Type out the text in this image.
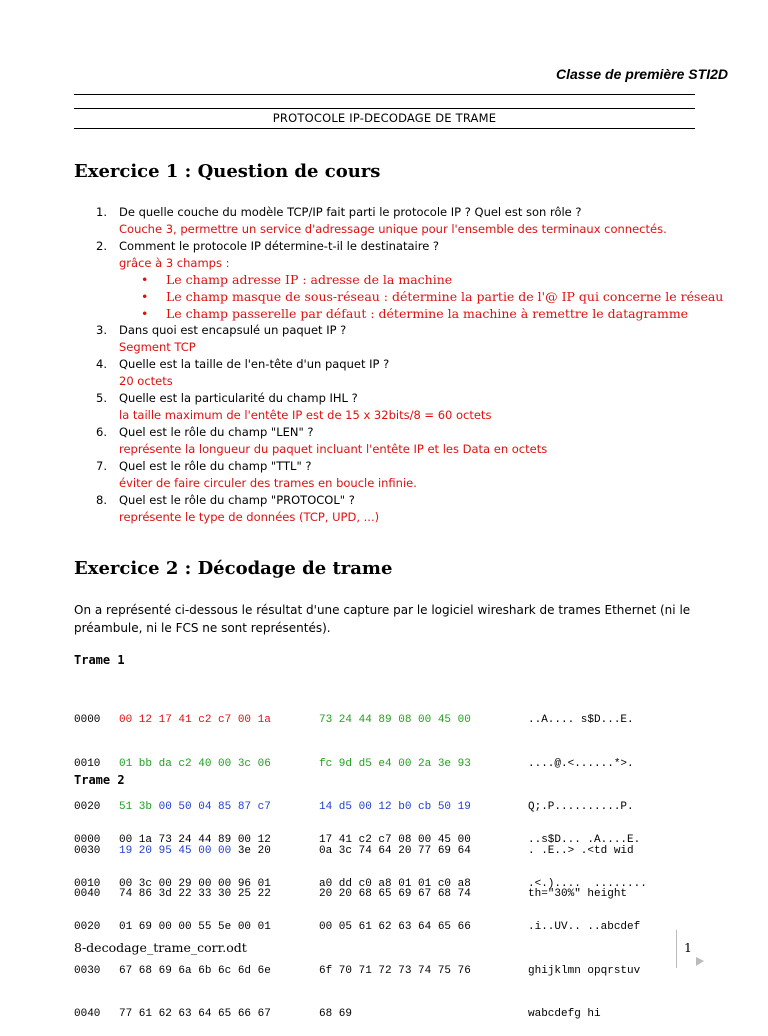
Classe de première STI2D
PROTOCOLE IP-DECODAGE DE TRAME
Exercice 1 : Question de cours
1. De quelle couche du modèle TCP/IP fait parti le protocole IP ? Quel est son rôle ?
Couche 3, permettre un service d'adressage unique pour l'ensemble des terminaux connectés.
2. Comment le protocole IP détermine-t-il le destinataire ?
grâce à 3 champs :
• Le champ adresse IP : adresse de la machine
• Le champ masque de sous-réseau : détermine la partie de l'@ IP qui concerne le réseau
• Le champ passerelle par défaut : détermine la machine à remettre le datagramme
3. Dans quoi est encapsulé un paquet IP ?
Segment TCP
4. Quelle est la taille de l'en-tête d'un paquet IP ?
20 octets
5. Quelle est la particularité du champ IHL ?
la taille maximum de l'entête IP est de 15 x 32bits/8 = 60 octets
6. Quel est le rôle du champ "LEN" ?
représente la longueur du paquet incluant l'entête IP et les Data en octets
7. Quel est le rôle du champ "TTL" ?
éviter de faire circuler des trames en boucle infinie.
8. Quel est le rôle du champ "PROTOCOL" ?
représente le type de données (TCP, UPD, ...)
Exercice 2 : Décodage de trame
On a représenté ci-dessous le résultat d'une capture par le logiciel wireshark de trames Ethernet (ni le préambule, ni le FCS ne sont représentés).
Trame 1

0000	00 12 17 41 c2 c7 00 1a	73 24 44 89 08 00 45 00	..A.... s$D...E.

0010	01 bb da c2 40 00 3c 06	fc 9d d5 e4 00 2a 3e 93	....@.<......*>.

0020	51 3b 00 50 04 85 87 c7	14 d5 00 12 b0 cb 50 19	Q;.P..........P.

0030	19 20 95 45 00 00 3e 20	0a 3c 74 64 20 77 69 64	. .E..> .<td wid

0040	74 86 3d 22 33 30 25 22	20 20 68 65 69 67 68 74	th="30%" height

Trame 2

0000	00 1a 73 24 44 89 00 12	17 41 c2 c7 08 00 45 00	..s$D... .A....E.

0010	00 3c 00 29 00 00 96 01	a0 dd c0 a8 01 01 c0 a8	.<.)....  ........

0020	01 69 00 00 55 5e 00 01	00 05 61 62 63 64 65 66	.i..UV.. ..abcdef

0030	67 68 69 6a 6b 6c 6d 6e	6f 70 71 72 73 74 75 76	ghijklmn opqrstuv

0040	77 61 62 63 64 65 66 67	68 69	wabcdefg hi

8-decodage_trame_corr.odt	1
